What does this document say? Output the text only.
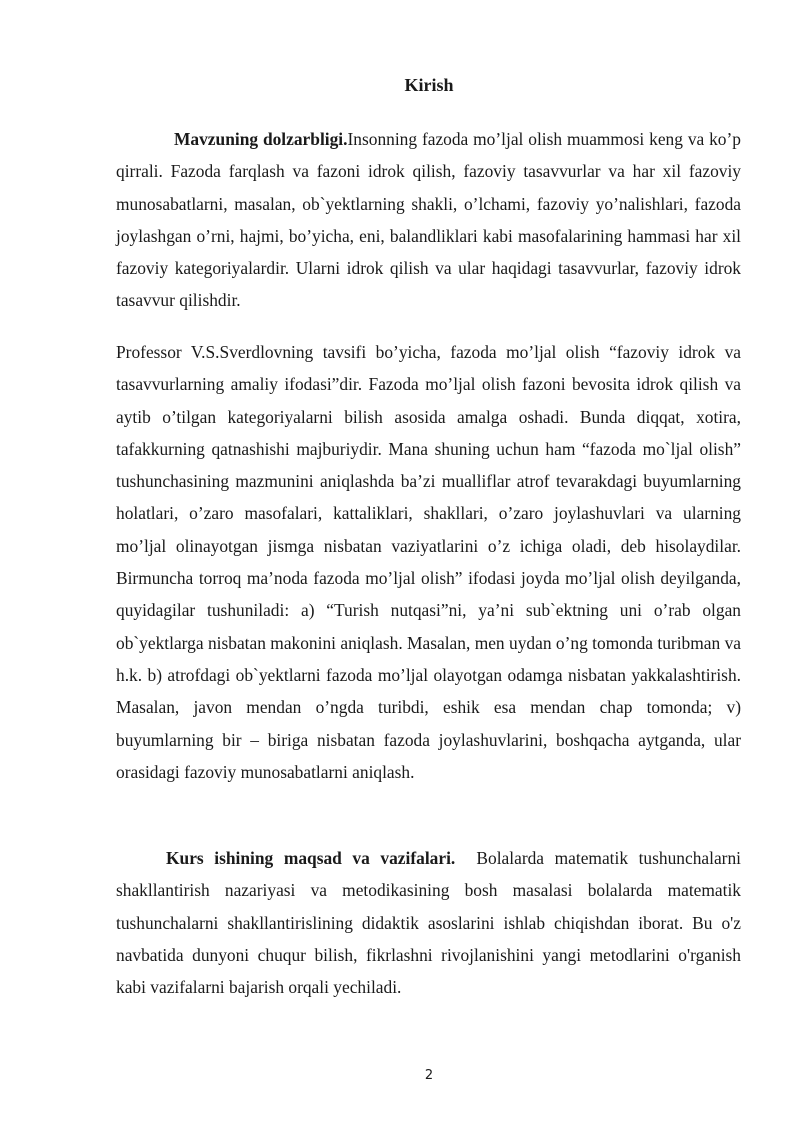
Kirish

Mavzuning dolzarbligi.Insonning fazoda mo’ljal olish muammosi keng va ko’p qirrali. Fazoda farqlash va fazoni idrok qilish, fazoviy tasavvurlar va har xil fazoviy munosabatlarni, masalan, ob`yektlarning shakli, o’lchami, fazoviy yo’nalishlari, fazoda joylashgan o’rni, hajmi, bo’yicha, eni, balandliklari kabi masofalarining hammasi har xil fazoviy kategoriyalardir. Ularni idrok qilish va ular haqidagi tasavvurlar, fazoviy idrok tasavvur qilishdir.

Professor V.S.Sverdlovning tavsifi bo’yicha, fazoda mo’ljal olish “fazoviy idrok va tasavvurlarning amaliy ifodasi”dir. Fazoda mo’ljal olish fazoni bevosita idrok qilish va aytib o’tilgan kategoriyalarni bilish asosida amalga oshadi. Bunda diqqat, xotira, tafakkurning qatnashishi majburiydir. Mana shuning uchun ham “fazoda mo`ljal olish” tushunchasining mazmunini aniqlashda ba’zi mualliflar atrof tevarakdagi buyumlarning holatlari, o’zaro masofalari, kattaliklari, shakllari, o’zaro joylashuvlari va ularning mo’ljal olinayotgan jismga nisbatan vaziyatlarini o’z ichiga oladi, deb hisolaydilar. Birmuncha torroq ma’noda fazoda mo’ljal olish” ifodasi joyda mo’ljal olish deyilganda, quyidagilar tushuniladi: a) “Turish nutqasi”ni, ya’ni sub`ektning uni o’rab olgan ob`yektlarga nisbatan makonini aniqlash. Masalan, men uydan o’ng tomonda turibman va h.k. b) atrofdagi ob`yektlarni fazoda mo’ljal olayotgan odamga nisbatan yakkalashtirish. Masalan, javon mendan o’ngda turibdi, eshik esa mendan chap tomonda; v) buyumlarning bir – biriga nisbatan fazoda joylashuvlarini, boshqacha aytganda, ular orasidagi fazoviy munosabatlarni aniqlash.

Kurs ishining maqsad va vazifalari.  Bolalarda matematik tushunchalarni shakllantirish nazariyasi va metodikasining bosh masalasi bolalarda matematik tushunchalarni shakllantirislining didaktik asoslarini ishlab chiqishdan iborat. Bu o'z navbatida dunyoni chuqur bilish, fikrlashni rivojlanishini yangi metodlarini o'rganish kabi vazifalarni bajarish orqali yechiladi.

2
